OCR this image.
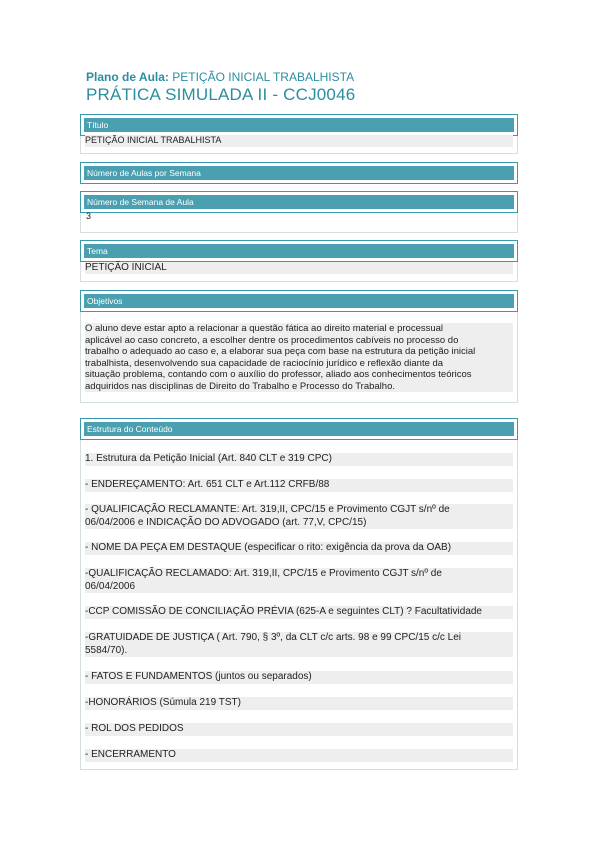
Plano de Aula: PETIÇÃO INICIAL TRABALHISTA
PRÁTICA SIMULADA II - CCJ0046
Título
PETIÇÃO INICIAL TRABALHISTA
Número de Aulas por Semana
Número de Semana de Aula
3
Tema
PETIÇÃO INICIAL
Objetivos
O aluno deve estar apto a relacionar a questão fática ao direito material e processual
aplicável ao caso concreto, a escolher dentre os procedimentos cabíveis no processo do
trabalho o adequado ao caso e, a elaborar sua peça com base na estrutura da petição inicial
trabalhista, desenvolvendo sua capacidade de raciocínio jurídico e reflexão diante da
situação problema, contando com o auxílio do professor, aliado aos conhecimentos teóricos
adquiridos nas disciplinas de Direito do Trabalho e Processo do Trabalho.
Estrutura do Conteúdo
1. Estrutura da Petição Inicial (Art. 840 CLT e 319 CPC)
- ENDEREÇAMENTO: Art. 651 CLT e Art.112 CRFB/88
- QUALIFICAÇÃO RECLAMANTE: Art. 319,II, CPC/15 e Provimento CGJT s/nº de
06/04/2006 e INDICAÇÃO DO ADVOGADO (art. 77,V, CPC/15)
- NOME DA PEÇA EM DESTAQUE (especificar o rito: exigência da prova da OAB)
-QUALIFICAÇÃO RECLAMADO: Art. 319,II, CPC/15 e Provimento CGJT s/nº de
06/04/2006
-CCP COMISSÃO DE CONCILIAÇÃO PRÉVIA (625-A e seguintes CLT) ? Facultatividade
-GRATUIDADE DE JUSTIÇA ( Art. 790, § 3º, da CLT c/c arts. 98 e 99 CPC/15 c/c Lei
5584/70).
- FATOS E FUNDAMENTOS (juntos ou separados)
-HONORÁRIOS (Súmula 219 TST)
- ROL DOS PEDIDOS
- ENCERRAMENTO
